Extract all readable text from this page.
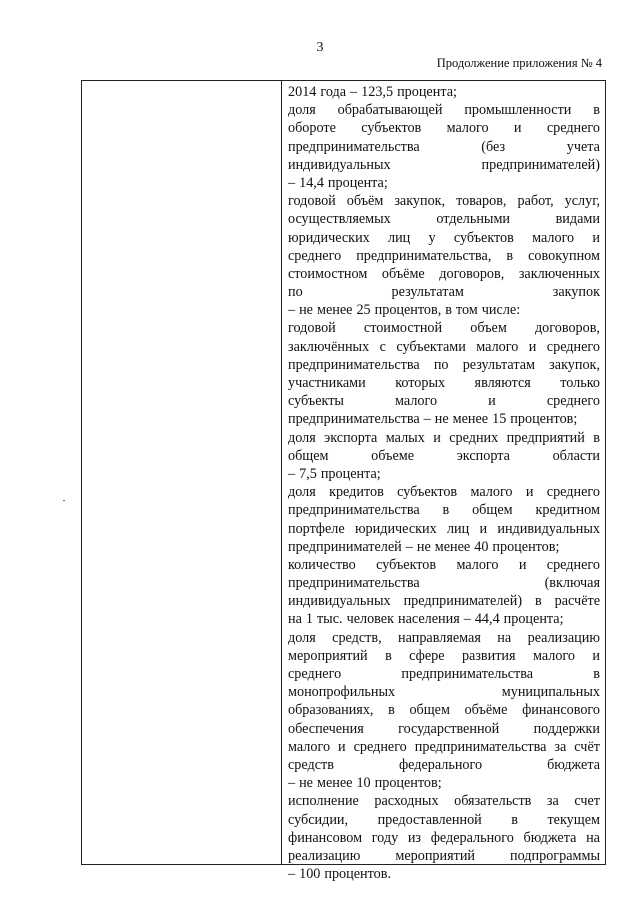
3
Продолжение приложения № 4
2014 года – 123,5 процента;
доля обрабатывающей промышленности в
обороте субъектов малого и среднего
предпринимательства	(без	учета
индивидуальных	предпринимателей)
– 14,4 процента;
годовой объём закупок, товаров, работ, услуг,
осуществляемых	отдельными	видами
юридических лиц у субъектов малого и
среднего предпринимательства, в совокупном
стоимостном объёме договоров, заключенных
по	результатам	закупок
– не менее 25 процентов, в том числе:
годовой стоимостной объем договоров,
заключённых с субъектами малого и среднего
предпринимательства по результатам закупок,
участниками которых являются только
субъекты	малого	и	среднего
предпринимательства – не менее 15 процентов;
доля экспорта малых и средних предприятий в
общем	объеме	экспорта	области
– 7,5 процента;
доля кредитов субъектов малого и среднего
предпринимательства в общем кредитном
портфеле юридических лиц и индивидуальных
предпринимателей – не менее 40 процентов;
количество субъектов малого и среднего
предпринимательства	(включая
индивидуальных предпринимателей) в расчёте
на 1 тыс. человек населения – 44,4 процента;
доля средств, направляемая на реализацию
мероприятий в сфере развития малого и
среднего	предпринимательства	в
монопрофильных	муниципальных
образованиях, в общем объёме финансового
обеспечения государственной поддержки
малого и среднего предпринимательства за счёт
средств	федерального	бюджета
– не менее 10 процентов;
исполнение расходных обязательств за счет
субсидии, предоставленной в текущем
финансовом году из федерального бюджета на
реализацию мероприятий подпрограммы
– 100 процентов.
